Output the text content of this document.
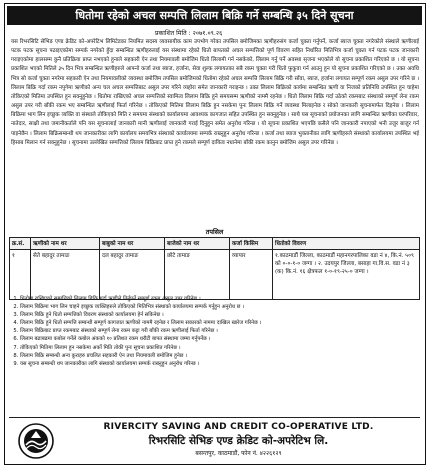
धितोमा रहेको अचल सम्पत्ति लिलाम बिक्रि गर्ने सम्बन्धि ३५ दिने सूचना
प्रकाशित मिति : २०७१.०९.२६
यस रिभरसिटि सेभिङ एण्ड क्रेडिट को-अपरेटिभ लिमिटेडका नियमित सदस्य व्यवसायीक काम उपभोग गरेका तपसिल बमोजिमका ऋणीहरुसंग कर्जा चुक्ता गर्नुपर्ने, कर्जा ब्याज चुक्ता नगरेकोले संस्थाले ऋणीलाई पटक पटक सूचना पठाइएकोमा सम्पर्क नगरेको हुँदा सम्बन्धित ऋणीहरुलाई यस संस्थामा रहेको धितो बापतको अचल सम्पत्तिको पूर्ण विवरण सहित निर्धारित मितिभित्र कर्जा चुक्ता गर्न पटक पटक जानकारी गराइएकोमा हालसम्म कुनै प्रतिक्रिया प्राप्त नभएको हुनाले सहकारी ऐन तथा नियमावली बमोजिम धितो लिलामी गर्न नसकेको, लिलाम गर्नु पर्ने अवस्था सृजना भएकोले यो सूचना प्रकाशित गरिएको छ । यो सूचना प्रकाशित भएको मितिले ३५ दिन भित्र सम्बन्धित ऋणीहरुले आफ्नो कर्जा तथा ब्याज, हर्जाना, सेवा शुल्क लगायतका सबै रकम चुक्ता गरी धितो फुकुवा गर्न आउनु हुन यो सूचना प्रकाशित गरिएको छ । उक्त अवधि भित्र सो कर्जा चुक्ता नगरेमा सहकारी ऐन तथा नियमावलीको व्यवस्था बमोजिम तपसिल बमोजिमको धितोमा रहेको अचल सम्पत्ति लिलाम बिक्रि गरी साँवा, ब्याज, हर्जाना लगायत सम्पूर्ण रकम असुल उपर गरिने छ । लिलाम बिक्रि गर्दा रकम नपुगेमा ऋणीको अन्य चल अचल सम्पत्तिबाट असुल उपर गरिने व्यहोरा समेत जानकारी गराइन्छ । उक्त लिलाम बिक्रिको कार्यमा सम्बन्धित ऋणी वा निजको प्रतिनिधि उपस्थित हुन चाहेमा तोकिएको मितिमा उपस्थित हुन सक्नुहुनेछ । धितोमा राखिएको अचल सम्पत्तिको स्वामित्व लिलाम बिक्रि हुने समयसम्म ऋणीको नाममै रहनेछ । धितो लिलाम बिक्रि गर्दा उठेको रकमबाट संस्थाको सम्पूर्ण लेना रकम असुल उपर गरी बाँकी रकम भए सम्बन्धित ऋणीलाई फिर्ता गरिनेछ । तोकिएको मितिमा लिलाम बिक्रि हुन नसकेमा पुनः लिलाम बिक्रि गर्ने व्यवस्था मिलाइनेछ र सोको जानकारी सूचनामार्फत दिइनेछ । लिलाम बिक्रिमा भाग लिन इच्छुक व्यक्ति वा संस्थाले तोकिएको मिति र समयमा संस्थाको कार्यालयमा आवश्यक कागजात सहित उपस्थित हुन सक्नुहुनेछ । साथै यस सूचनाको प्रयोजनका लागि सम्बन्धित ऋणीका घरपरिवार, नातेदार, साक्षी तथा जमानीकर्ताले पनि यस सूचनालाई जानकारी मानी ऋणीलाई जानकारी गराई दिनुहुन समेत अनुरोध गरिन्छ । यो सूचना प्रकाशित भएपछि कसैले पनि जानकारी नपाएको भनी उजुर बाजुर गर्न पाइनेछैन । लिलाम बिक्रिसम्बन्धी थप जानकारीका लागि कार्यालय समयभित्र संस्थाको कार्यालयमा सम्पर्क राख्नुहुन अनुरोध गरिन्छ । कर्जा तथा ब्याज भुक्तानीका लागि ऋणीहरुले संस्थाको कार्यालयमा उपस्थित भई हिसाब मिलान गर्न सक्नुहुनेछ । सूचनामा उल्लेखित सम्पत्तिको लिलाम बिक्रिबाट प्राप्त हुने रकमले सम्पूर्ण दायित्व नधानेमा बाँकी रकम कानुन बमोजिम असुल उपर गरिनेछ ।
तपसिल
क्र.सं.	ऋणीको नाम थर	बाबुको नाम थर	बाजेको नाम थर	कर्जा किसिम	धितोको विवरण
१	सेते बहादुर तामाङ	दल बहादुर तामाङ	छोटे तामाङ	व्यापार	१.काठमाडौं जिल्ला, काठमाडौं महानगरपालिका वडा नं ४, कि.नं. ५०९ को ०-०-१-० जग्गा । २. उदयपुर जिल्ला, बसाहा गा.वि.स. वडा नं ३ (क) कि.नं. १६ क्षेत्रफल १-०-१९-२५-० जग्गा ।
1. धितोमा राखिएको सम्पत्तिको लिलाम बिक्रि गर्दा ऋणीले तिर्नुपर्ने सम्पूर्ण रकम असुल उपर गरिनेछ ।
2. लिलाम बिक्रिमा भाग लिन चाहने इच्छुक व्यक्तिहरुले तोकिएको मितिभित्र संस्थाको कार्यालयमा सम्पर्क गर्नुहुन अनुरोध छ ।
3. लिलाम बिक्रि हुने धितो सम्पत्तिको विवरण संस्थाको कार्यालयमा हेर्न सकिनेछ ।
4. लिलाम बिक्रि हुने धितो सम्पत्ति सम्बन्धी सम्पूर्ण कागजात ऋणीको नाममै रहनेछ र लिलाम सकारको नाममा दाखिल खारेज गरिनेछ ।
5. लिलाम बिक्रिबाट प्राप्त रकमबाट संस्थाको सम्पूर्ण लेना रकम कट्टा गरी बाँकी रकम ऋणीलाई फिर्ता गरिनेछ ।
6. लिलाम बढाबढमा कबोल गर्नेले कबोल अंकको १० प्रतिशत रकम धरौटी बापत संस्थामा जम्मा गर्नुपर्नेछ ।
7. तोकिएको मितिमा लिलाम हुन नसकेमा अर्को मिति तोकी पुनः सूचना प्रकाशित गरिनेछ ।
8. लिलाम बिक्रि सम्बन्धी अन्य कुराहरु प्रचलित सहकारी ऐन तथा नियमावली बमोजिम हुनेछ ।
9. यस सूचना सम्बन्धी थप जानकारीका लागि संस्थाको कार्यालयमा सम्पर्क राख्नुहुन अनुरोध गरिन्छ ।
RIVERCITY SAVING AND CREDIT CO-OPERATIVE LTD.
रिभरसिटि सेभिङ एण्ड क्रेडिट को-अपरेटिभ लि.
बसन्तपुर, काठमाडौं, फोन नं. ४२२६१२९
